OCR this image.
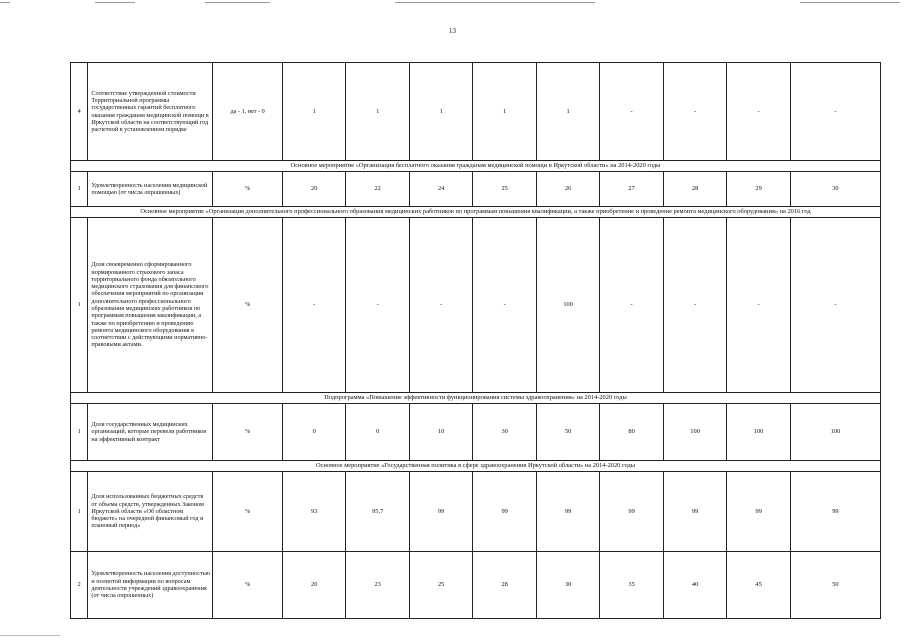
13
4	Соответствие утвержденной стоимости Территориальной программы государственных гарантий бесплатного оказания гражданам медицинской помощи в Иркутской области на соответствующий год расчетной в установленном порядке	да - 1, нет - 0	1	1	1	1	1	-	-	-	-
Основное мероприятие «Организация бесплатного оказания гражданам медицинской помощи в Иркутской области» на 2014-2020 годы											
1	Удовлетворенность населения медицинской помощью (от числа опрошенных)	%	20	22	24	25	26	27	28	29	30
Основное мероприятие «Организация дополнительного профессионального образования медицинских работников по программам повышения квалификации, а также приобретение и проведение ремонта медицинского оборудования» на 2016 год											
1	Доля своевременно сформированного нормированного страхового запаса территориального фонда обязательного медицинского страхования для финансового обеспечения мероприятий по организации дополнительного профессионального образования медицинских работников по программам повышения квалификации, а также по приобретению и проведению ремонта медицинского оборудования в соответствии с действующими нормативно-правовыми актами.	%	-	-	-	-	100	-	-	-	-
Подпрограмма «Повышение эффективности функционирования системы здравоохранения» на 2014-2020 годы											
1	Доля государственных медицинских организаций, которые перевели работников на эффективный контракт	%	0	0	10	30	50	80	100	100	100
Основное мероприятие «Государственная политика в сфере здравоохранения Иркутской области» на 2014-2020 годы											
1	Доля использованных бюджетных средств от объема средств, утвержденных Законом Иркутской области «Об областном бюджете» на очередной финансовый год и плановый период»	%	93	95,7	99	99	99	99	99	99	99
2	Удовлетворенность населения доступностью и полнотой информации по вопросам деятельности учреждений здравоохранения (от числа опрошенных)	%	20	23	25	28	30	35	40	45	50
